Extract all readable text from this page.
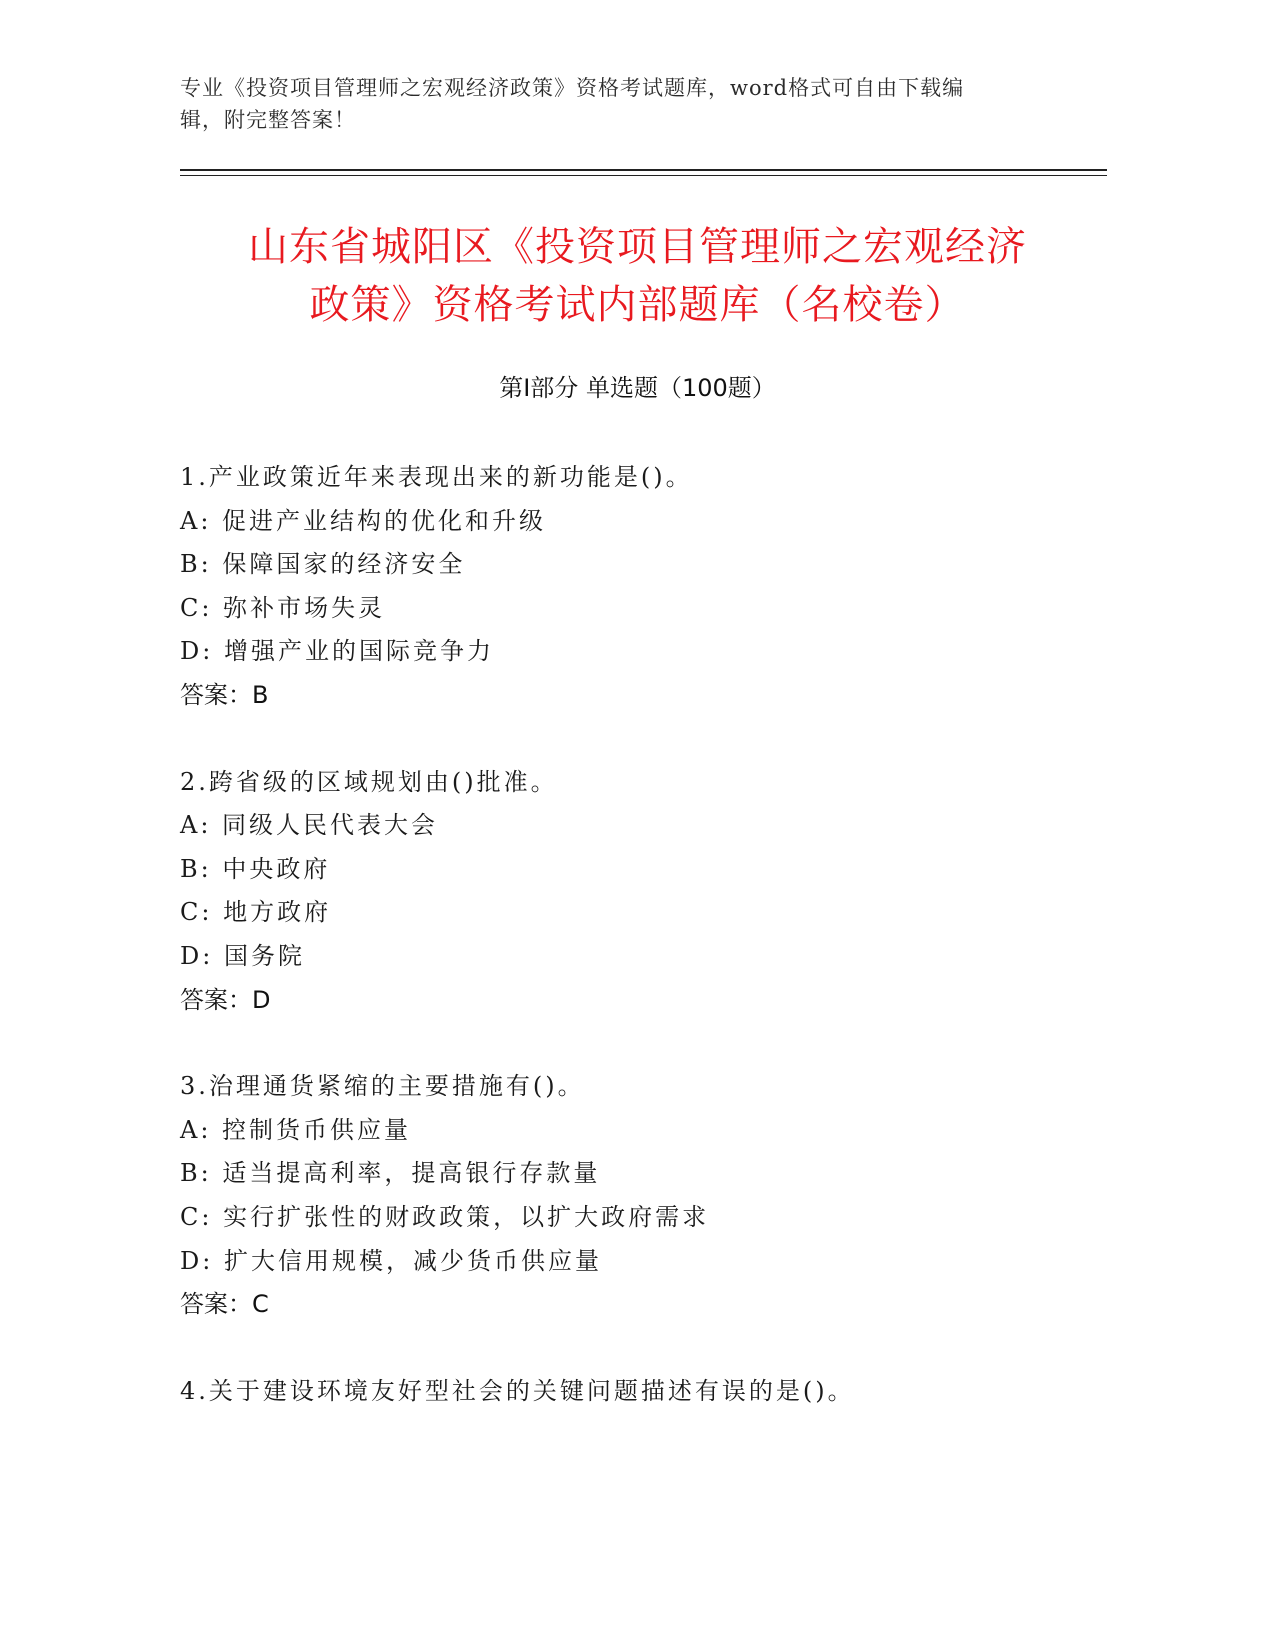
专业《投资项目管理师之宏观经济政策》资格考试题库，word格式可自由下载编
辑，附完整答案！
山东省城阳区《投资项目管理师之宏观经济
政策》资格考试内部题库（名校卷）
第Ⅰ部分 单选题（100题）
1.产业政策近年来表现出来的新功能是()。
A: 促进产业结构的优化和升级
B: 保障国家的经济安全
C: 弥补市场失灵
D: 增强产业的国际竞争力
答案：B
2.跨省级的区域规划由()批准。
A: 同级人民代表大会
B: 中央政府
C: 地方政府
D: 国务院
答案：D
3.治理通货紧缩的主要措施有()。
A: 控制货币供应量
B: 适当提高利率，提高银行存款量
C: 实行扩张性的财政政策，以扩大政府需求
D: 扩大信用规模，减少货币供应量
答案：C
4.关于建设环境友好型社会的关键问题描述有误的是()。
